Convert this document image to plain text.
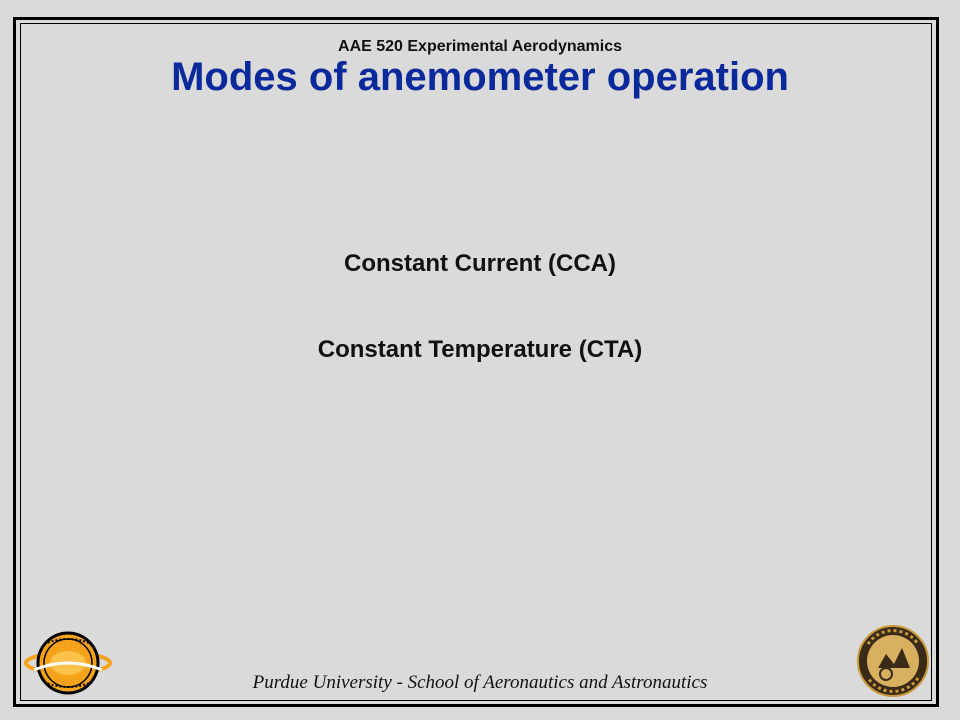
AAE 520 Experimental Aerodynamics
Modes of anemometer operation
Constant Current (CCA)
Constant Temperature (CTA)
Purdue University - School of Aeronautics and Astronautics
